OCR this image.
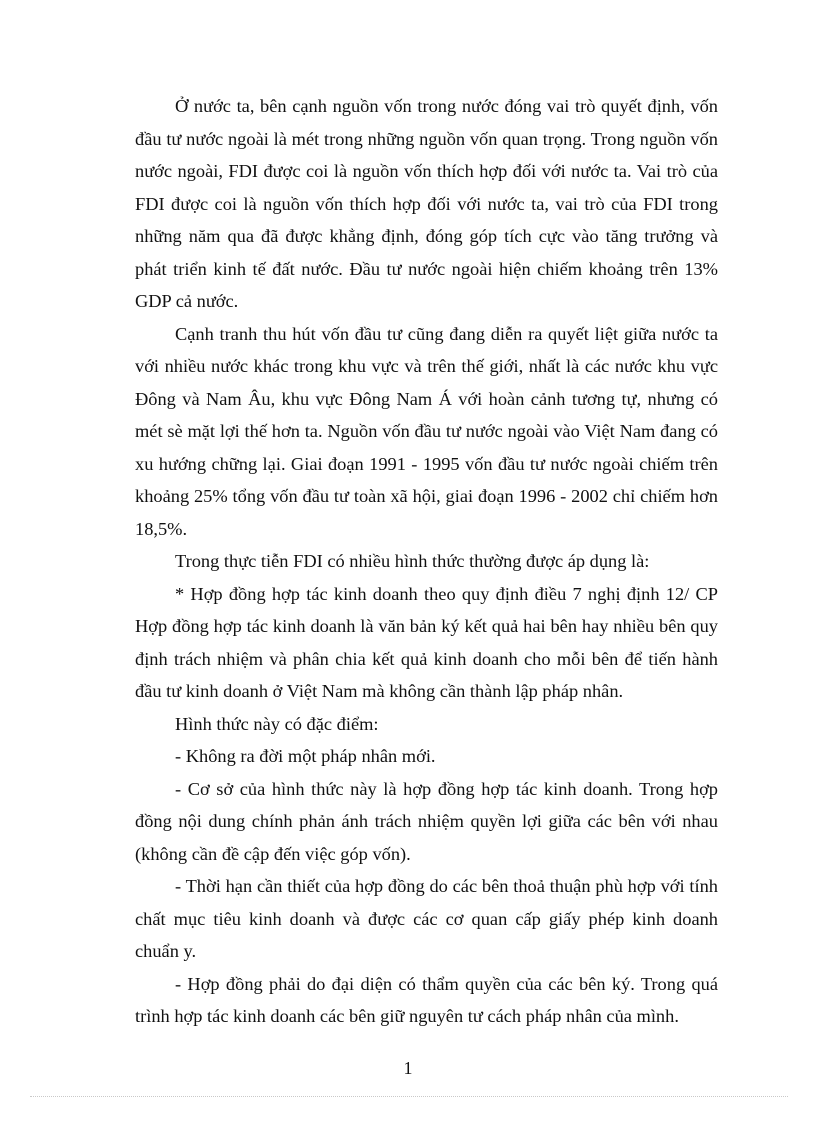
Ở nước ta, bên cạnh nguồn vốn trong nước đóng vai trò quyết định, vốn đầu tư nước ngoài là mét trong những nguồn vốn quan trọng. Trong nguồn vốn nước ngoài, FDI được coi là nguồn vốn thích hợp đối với nước ta. Vai trò của FDI được coi là nguồn vốn thích hợp đối với nước ta, vai trò của FDI trong những năm qua đã được khẳng định, đóng góp tích cực vào tăng trưởng và phát triển kinh tế đất nước. Đầu tư nước ngoài hiện chiếm khoảng trên 13% GDP cả nước.

Cạnh tranh thu hút vốn đầu tư cũng đang diễn ra quyết liệt giữa nước ta với nhiều nước khác trong khu vực và trên thế giới, nhất là các nước khu vực Đông và Nam Âu, khu vực Đông Nam Á với hoàn cảnh tương tự, nhưng có mét sè mặt lợi thế hơn ta. Nguồn vốn đầu tư nước ngoài vào Việt Nam đang có xu hướng chững lại. Giai đoạn 1991 - 1995 vốn đầu tư nước ngoài chiếm trên khoảng 25% tổng vốn đầu tư toàn xã hội, giai đoạn 1996 - 2002 chỉ chiếm hơn 18,5%.

Trong thực tiễn FDI có nhiều hình thức thường được áp dụng là:

* Hợp đồng hợp tác kinh doanh theo quy định điều 7 nghị định 12/ CP Hợp đồng hợp tác kinh doanh là văn bản ký kết quả hai bên hay nhiều bên quy định trách nhiệm và phân chia kết quả kinh doanh cho mỗi bên để tiến hành đầu tư kinh doanh ở Việt Nam mà không cần thành lập pháp nhân.

Hình thức này có đặc điểm:

- Không ra đời một pháp nhân mới.

- Cơ sở của hình thức này là hợp đồng hợp tác kinh doanh. Trong hợp đồng nội dung chính phản ánh trách nhiệm quyền lợi giữa các bên với nhau (không cần đề cập đến việc góp vốn).

- Thời hạn cần thiết của hợp đồng do các bên thoả thuận phù hợp với tính chất mục tiêu kinh doanh và được các cơ quan cấp giấy phép kinh doanh chuẩn y.

- Hợp đồng phải do đại diện có thẩm quyền của các bên ký. Trong quá trình hợp tác kinh doanh các bên giữ nguyên tư cách pháp nhân của mình.

1
